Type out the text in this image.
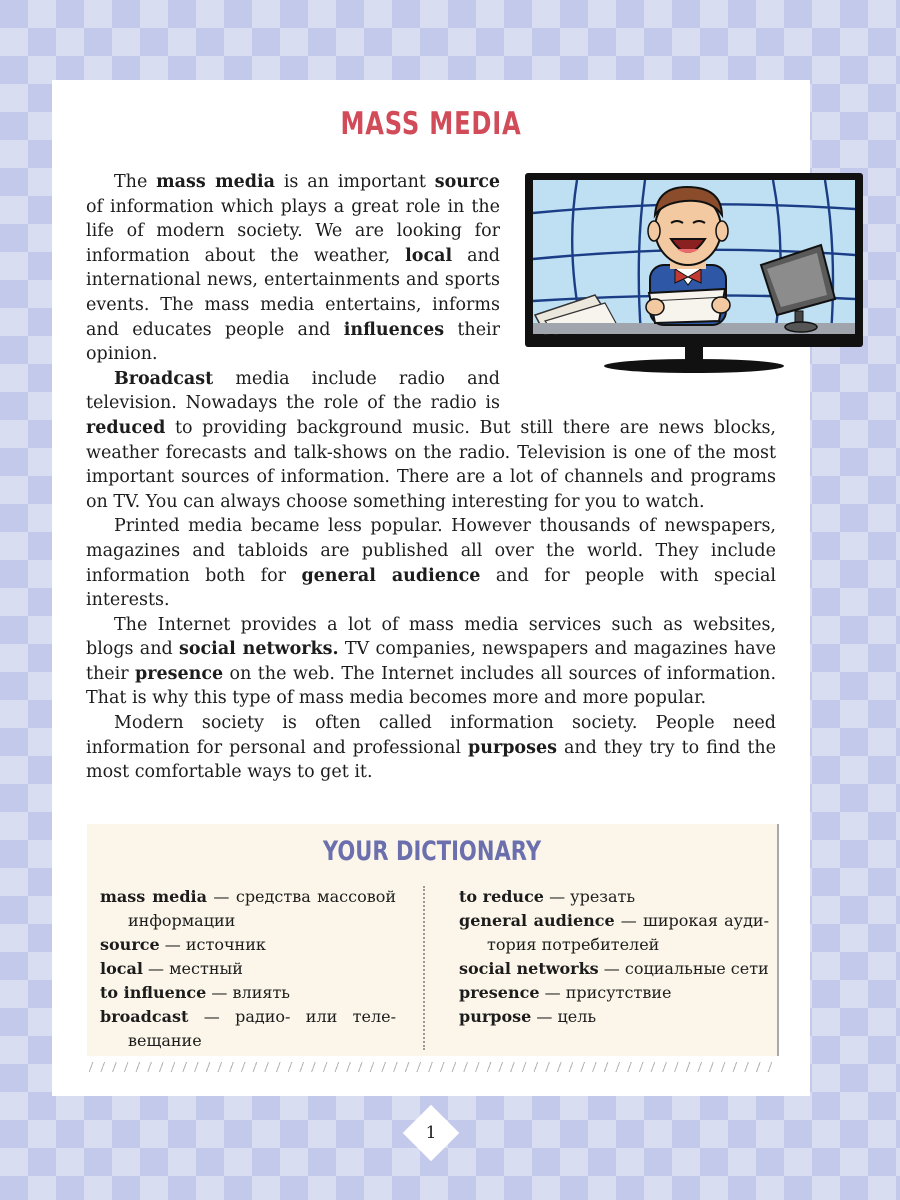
MASS MEDIA

The mass media is an important source of information which plays a great role in the life of modern society. We are looking for information about the weather, local and international news, entertainments and sports events. The mass media entertains, informs and educates people and influences their opinion.

Broadcast media include radio and television. Nowadays the role of the radio is reduced to providing background music. But still there are news blocks, weather forecasts and talk-shows on the radio. Television is one of the most important sources of information. There are a lot of channels and programs on TV. You can always choose something interesting for you to watch.

Printed media became less popular. However thousands of newspapers, magazines and tabloids are published all over the world. They include information both for general audience and for people with special interests.

The Internet provides a lot of mass media services such as websites, blogs and social networks. TV companies, newspapers and magazines have their presence on the web. The Internet includes all sources of information. That is why this type of mass media becomes more and more popular.

Modern society is often called information society. People need information for personal and professional purposes and they try to find the most comfortable ways to get it.

YOUR DICTIONARY
mass media — средства массовой информации
source — источник
local — местный
to influence — влиять
broadcast — радио- или телевещание
to reduce — урезать
general audience — широкая аудитория потребителей
social networks — социальные сети
presence — присутствие
purpose — цель
1
